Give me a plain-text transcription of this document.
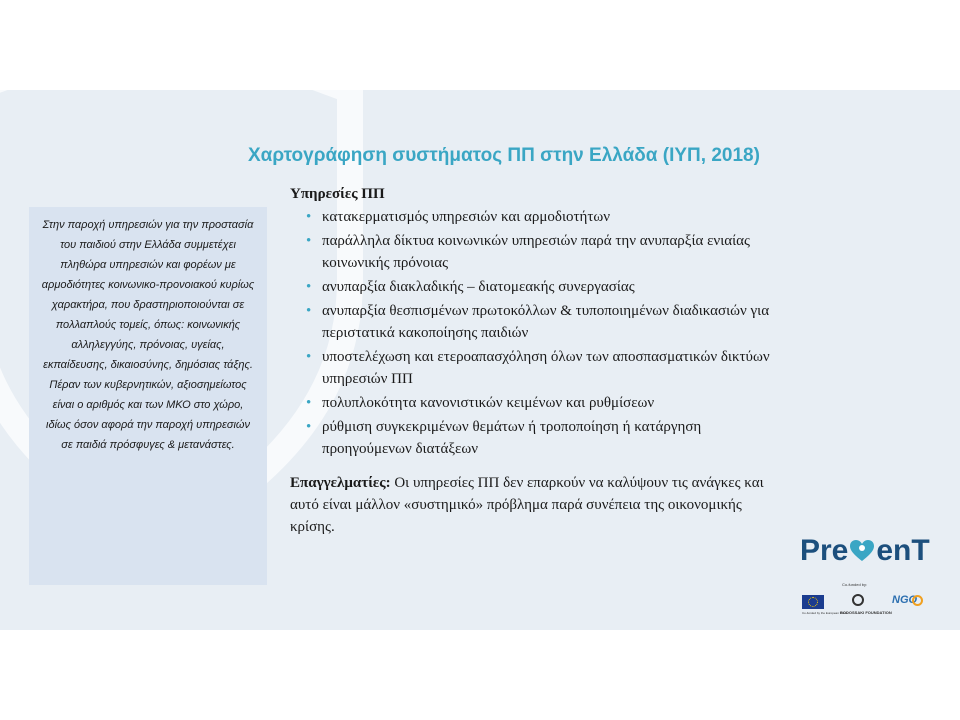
Χαρτογράφηση συστήματος ΠΠ στην Ελλάδα (ΙΥΠ, 2018)

Στην παροχή υπηρεσιών για την προστασία του παιδιού στην Ελλάδα συμμετέχει πληθώρα υπηρεσιών και φορέων με αρμοδιότητες κοινωνικο-προνοιακού κυρίως χαρακτήρα, που δραστηριοποιούνται σε πολλαπλούς τομείς, όπως: κοινωνικής αλληλεγγύης, πρόνοιας, υγείας, εκπαίδευσης, δικαιοσύνης, δημόσιας τάξης. Πέραν των κυβερνητικών, αξιοσημείωτος είναι ο αριθμός και των ΜΚΟ στο χώρο, ιδίως όσον αφορά την παροχή υπηρεσιών σε παιδιά πρόσφυγες & μετανάστες.

Υπηρεσίες ΠΠ
• κατακερματισμός υπηρεσιών και αρμοδιοτήτων
• παράλληλα δίκτυα κοινωνικών υπηρεσιών παρά την ανυπαρξία ενιαίας κοινωνικής πρόνοιας
• ανυπαρξία διακλαδικής – διατομεακής συνεργασίας
• ανυπαρξία θεσπισμένων πρωτοκόλλων & τυποποιημένων διαδικασιών για περιστατικά κακοποίησης παιδιών
• υποστελέχωση και ετεροαπασχόληση όλων των αποσπασματικών δικτύων υπηρεσιών ΠΠ
• πολυπλοκότητα κανονιστικών κειμένων και ρυθμίσεων
• ρύθμιση συγκεκριμένων θεμάτων ή τροποποίηση ή κατάργηση προηγούμενων διατάξεων
Επαγγελματίες: Οι υπηρεσίες ΠΠ δεν επαρκούν να καλύψουν τις ανάγκες και αυτό είναι μάλλον «συστημικό» πρόβλημα παρά συνέπεια της οικονομικής κρίσης.
Pre enT
Co-funded by:
Co-funded by the European Union
BODOSSAKI FOUNDATION
NGO
